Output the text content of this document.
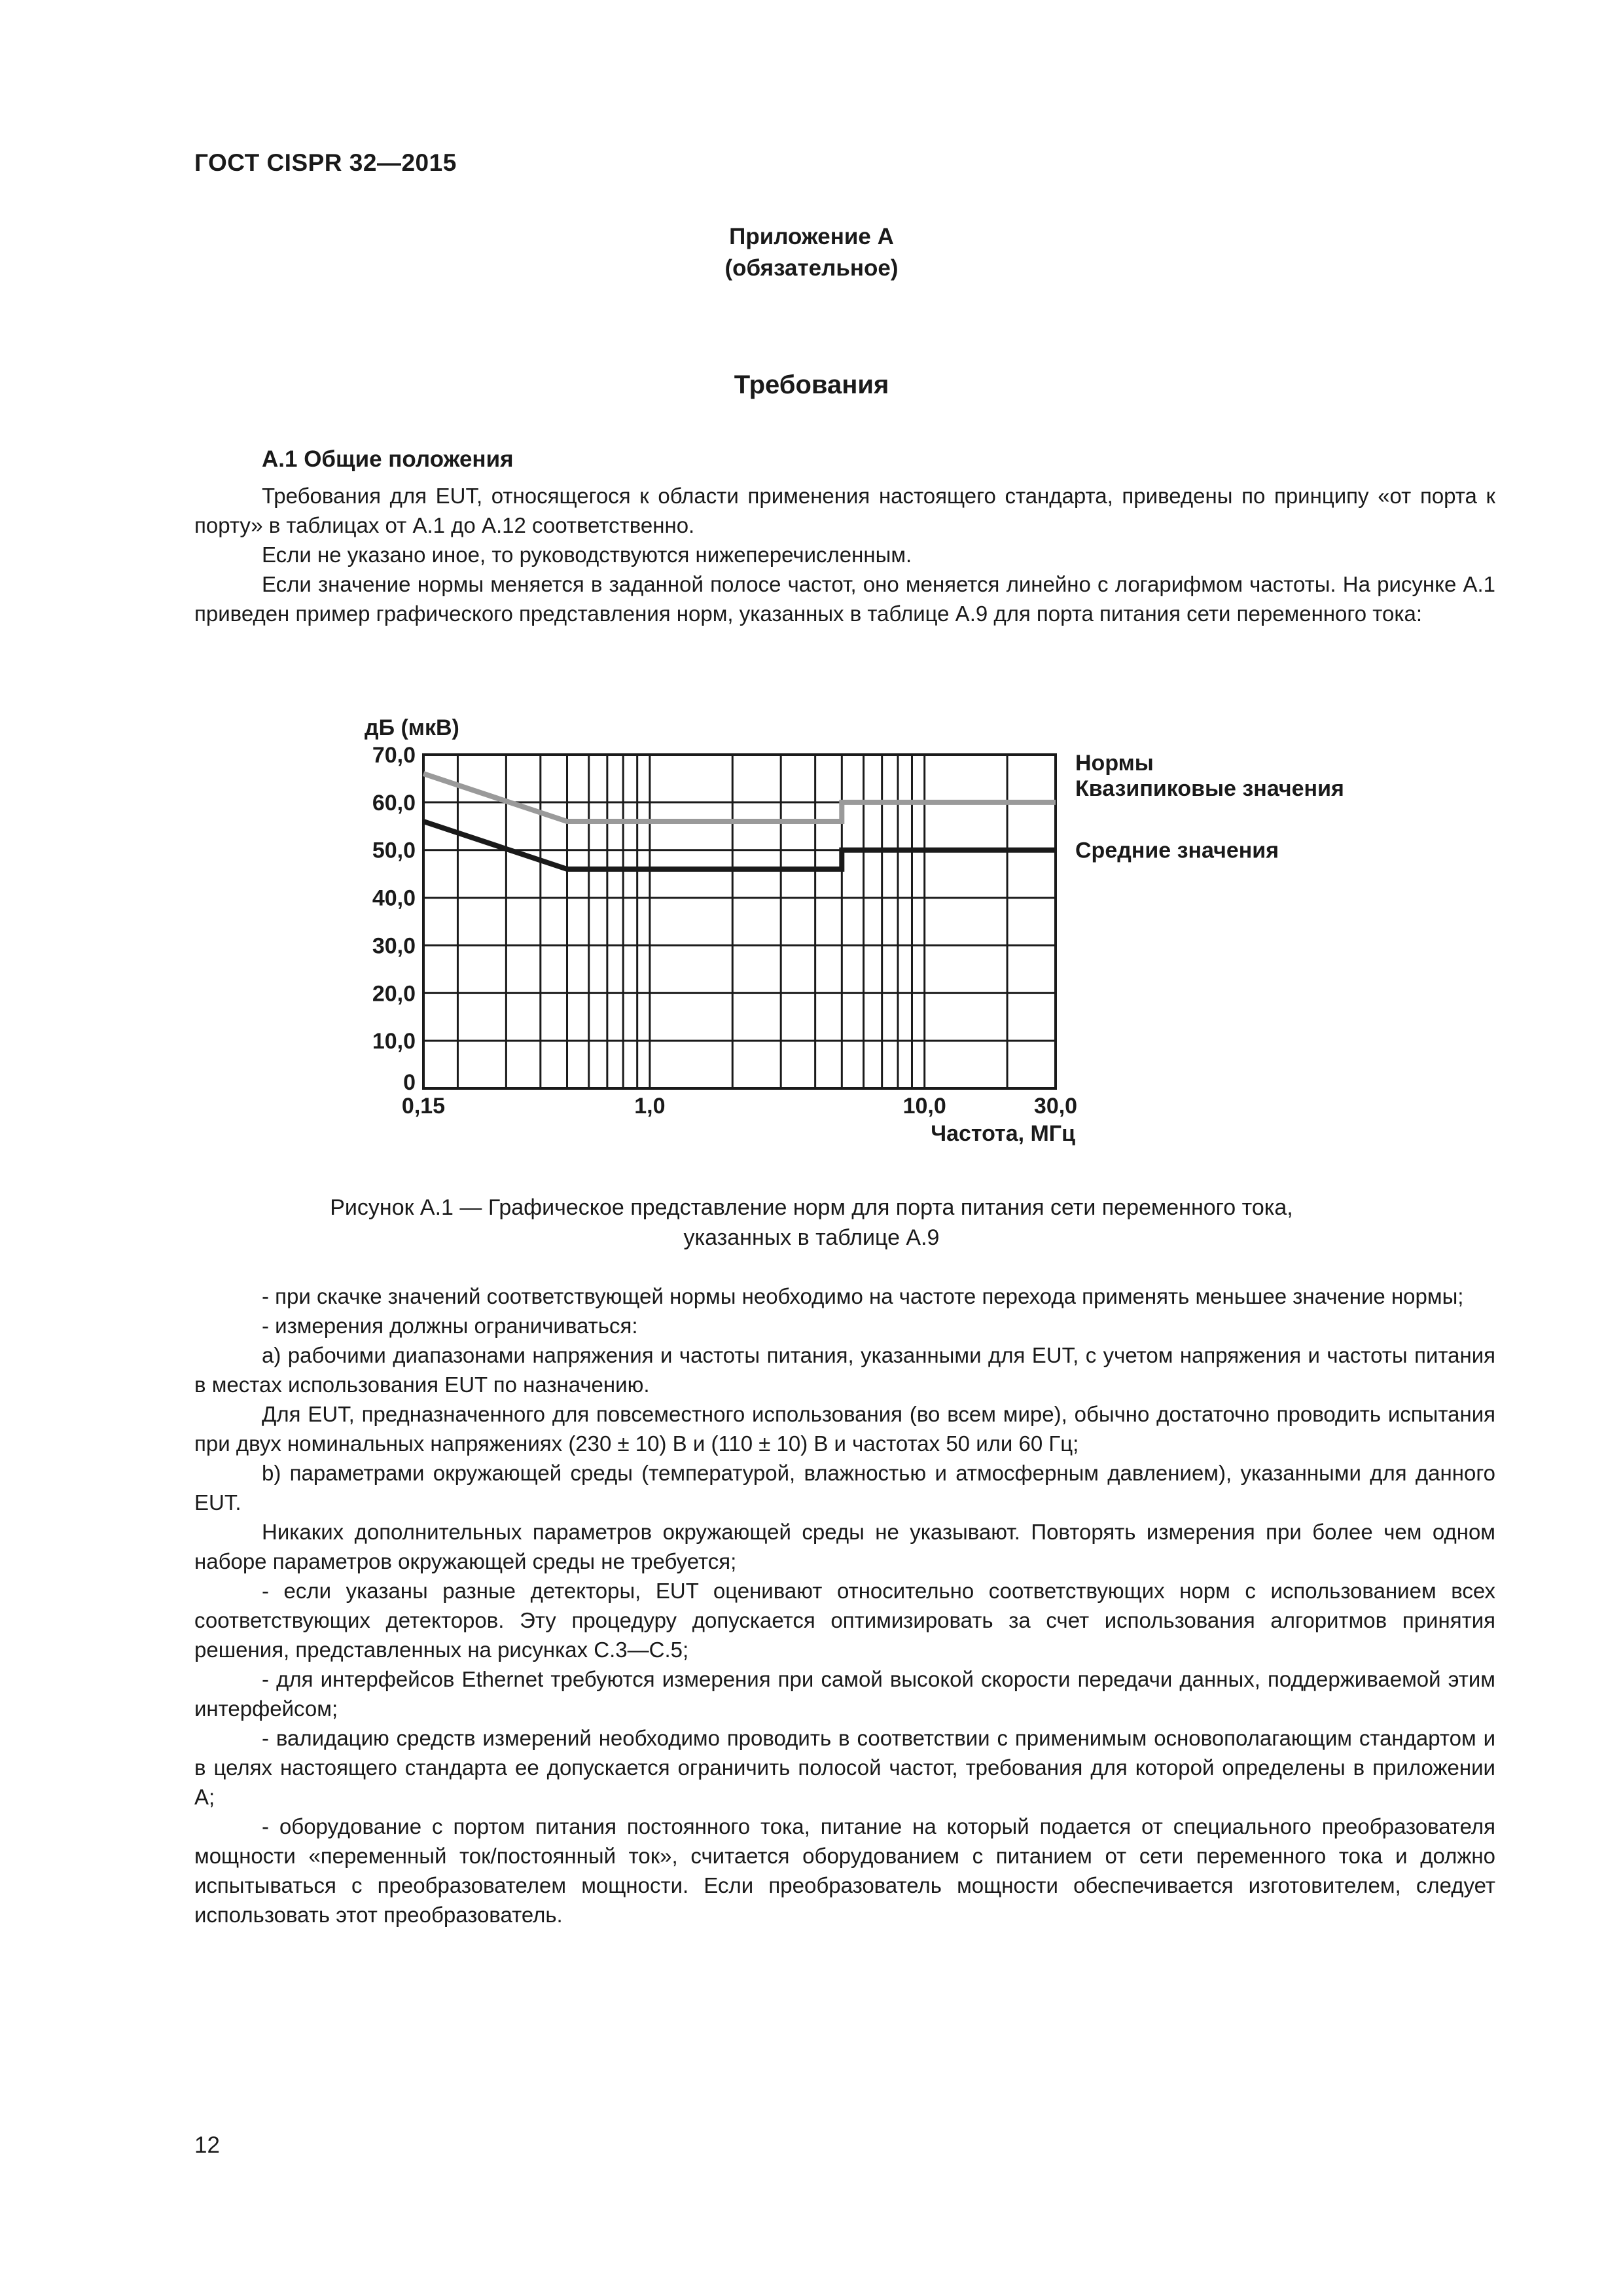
ГОСТ CISPR 32—2015
Приложение А
(обязательное)
Требования
А.1 Общие положения

Требования для EUT, относящегося к области применения настоящего стандарта, приведены по принципу «от порта к порту» в таблицах от А.1 до А.12 соответственно.

Если не указано иное, то руководствуются нижеперечисленным.

Если значение нормы меняется в заданной полосе частот, оно меняется линейно с логарифмом частоты. На рисунке А.1 приведен пример графического представления норм, указанных в таблице А.9 для порта питания сети переменного тока:

0
10,0
20,0
30,0
40,0
50,0
60,0
70,0
0,15	1,0	10,0	30,0
дБ (мкВ)
Частота, МГц
Нормы
Квазипиковые значения
Средние значения
Рисунок А.1 — Графическое представление норм для порта питания сети переменного тока,
указанных в таблице А.9

- при скачке значений соответствующей нормы необходимо на частоте перехода применять меньшее значение нормы;

- измерения должны ограничиваться:

a) рабочими диапазонами напряжения и частоты питания, указанными для EUT, с учетом напряжения и частоты питания в местах использования EUT по назначению.

Для EUT, предназначенного для повсеместного использования (во всем мире), обычно достаточно проводить испытания при двух номинальных напряжениях (230 ± 10) В и (110 ± 10) В и частотах 50 или 60 Гц;

b) параметрами окружающей среды (температурой, влажностью и атмосферным давлением), указанными для данного EUT.

Никаких дополнительных параметров окружающей среды не указывают. Повторять измерения при более чем одном наборе параметров окружающей среды не требуется;

- если указаны разные детекторы, EUT оценивают относительно соответствующих норм с использованием всех соответствующих детекторов. Эту процедуру допускается оптимизировать за счет использования алгоритмов принятия решения, представленных на рисунках С.3—С.5;

- для интерфейсов Ethernet требуются измерения при самой высокой скорости передачи данных, поддерживаемой этим интерфейсом;

- валидацию средств измерений необходимо проводить в соответствии с применимым основополагающим стандартом и в целях настоящего стандарта ее допускается ограничить полосой частот, требования для которой определены в приложении А;

- оборудование с портом питания постоянного тока, питание на который подается от специального преобразователя мощности «переменный ток/постоянный ток», считается оборудованием с питанием от сети переменного тока и должно испытываться с преобразователем мощности. Если преобразователь мощности обеспечивается изготовителем, следует использовать этот преобразователь.

12
